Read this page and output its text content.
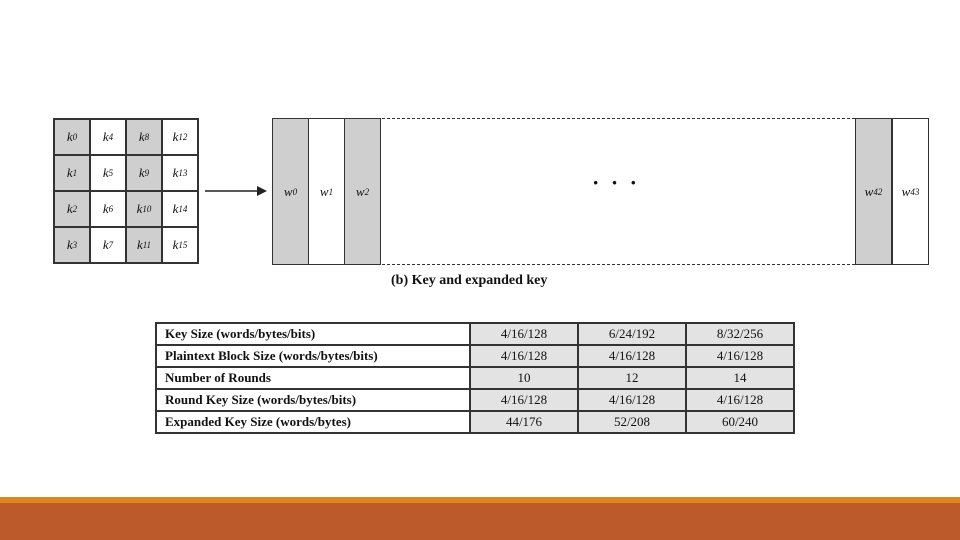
k 0 k 4 k 8 k 12
k 1 k 5 k 9 k 13
k 2 k 6 k 10 k 14
k 3 k 7 k 11 k 15
w 0 w 1 w 2	· · ·	w 42 w 43
(b) Key and expanded key
Key Size (words/bytes/bits)	4/16/128	6/24/192	8/32/256
Plaintext Block Size (words/bytes/bits)	4/16/128	4/16/128	4/16/128
Number of Rounds	10	12	14
Round Key Size (words/bytes/bits)	4/16/128	4/16/128	4/16/128
Expanded Key Size (words/bytes)	44/176	52/208	60/240
